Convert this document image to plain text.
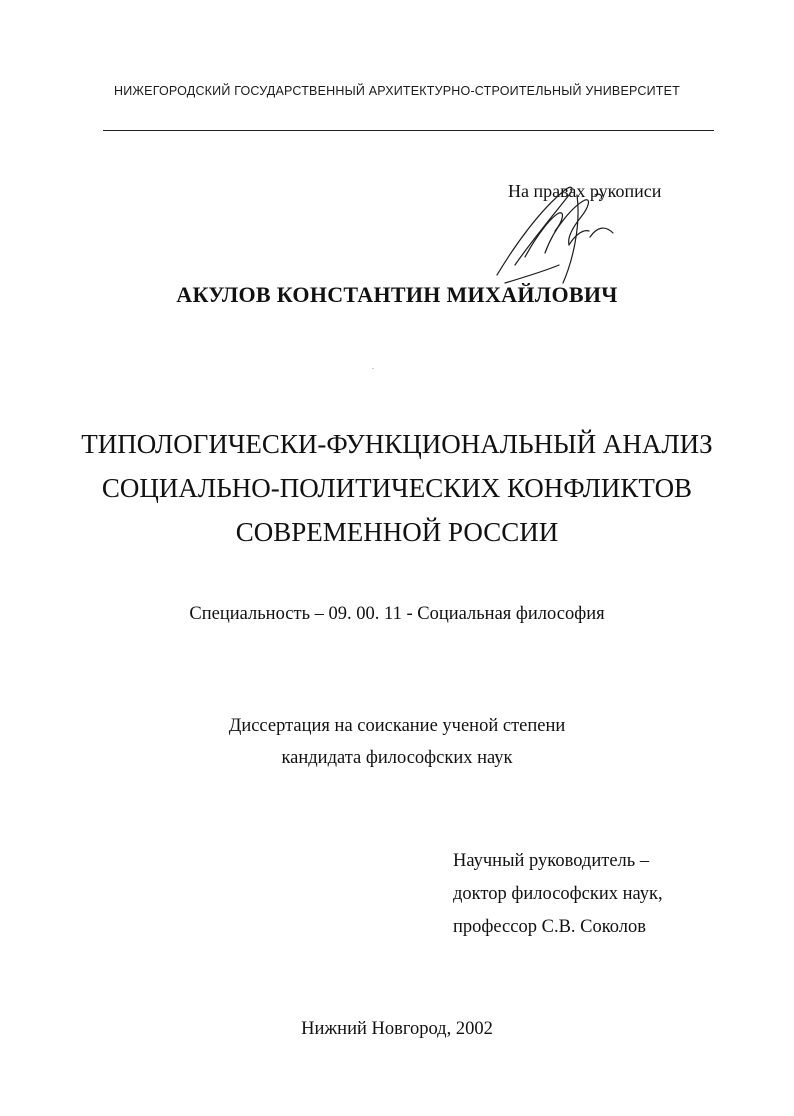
НИЖЕГОРОДСКИЙ ГОСУДАРСТВЕННЫЙ АРХИТЕКТУРНО-СТРОИТЕЛЬНЫЙ УНИВЕРСИТЕТ
На правах рукописи
АКУЛОВ КОНСТАНТИН МИХАЙЛОВИЧ
ТИПОЛОГИЧЕСКИ-ФУНКЦИОНАЛЬНЫЙ АНАЛИЗ
СОЦИАЛЬНО-ПОЛИТИЧЕСКИХ КОНФЛИКТОВ
СОВРЕМЕННОЙ РОССИИ
Специальность – 09. 00. 11 - Социальная философия
Диссертация на соискание ученой степени
кандидата философских наук
Научный руководитель –
доктор философских наук,
профессор С.В. Соколов
Нижний Новгород, 2002
